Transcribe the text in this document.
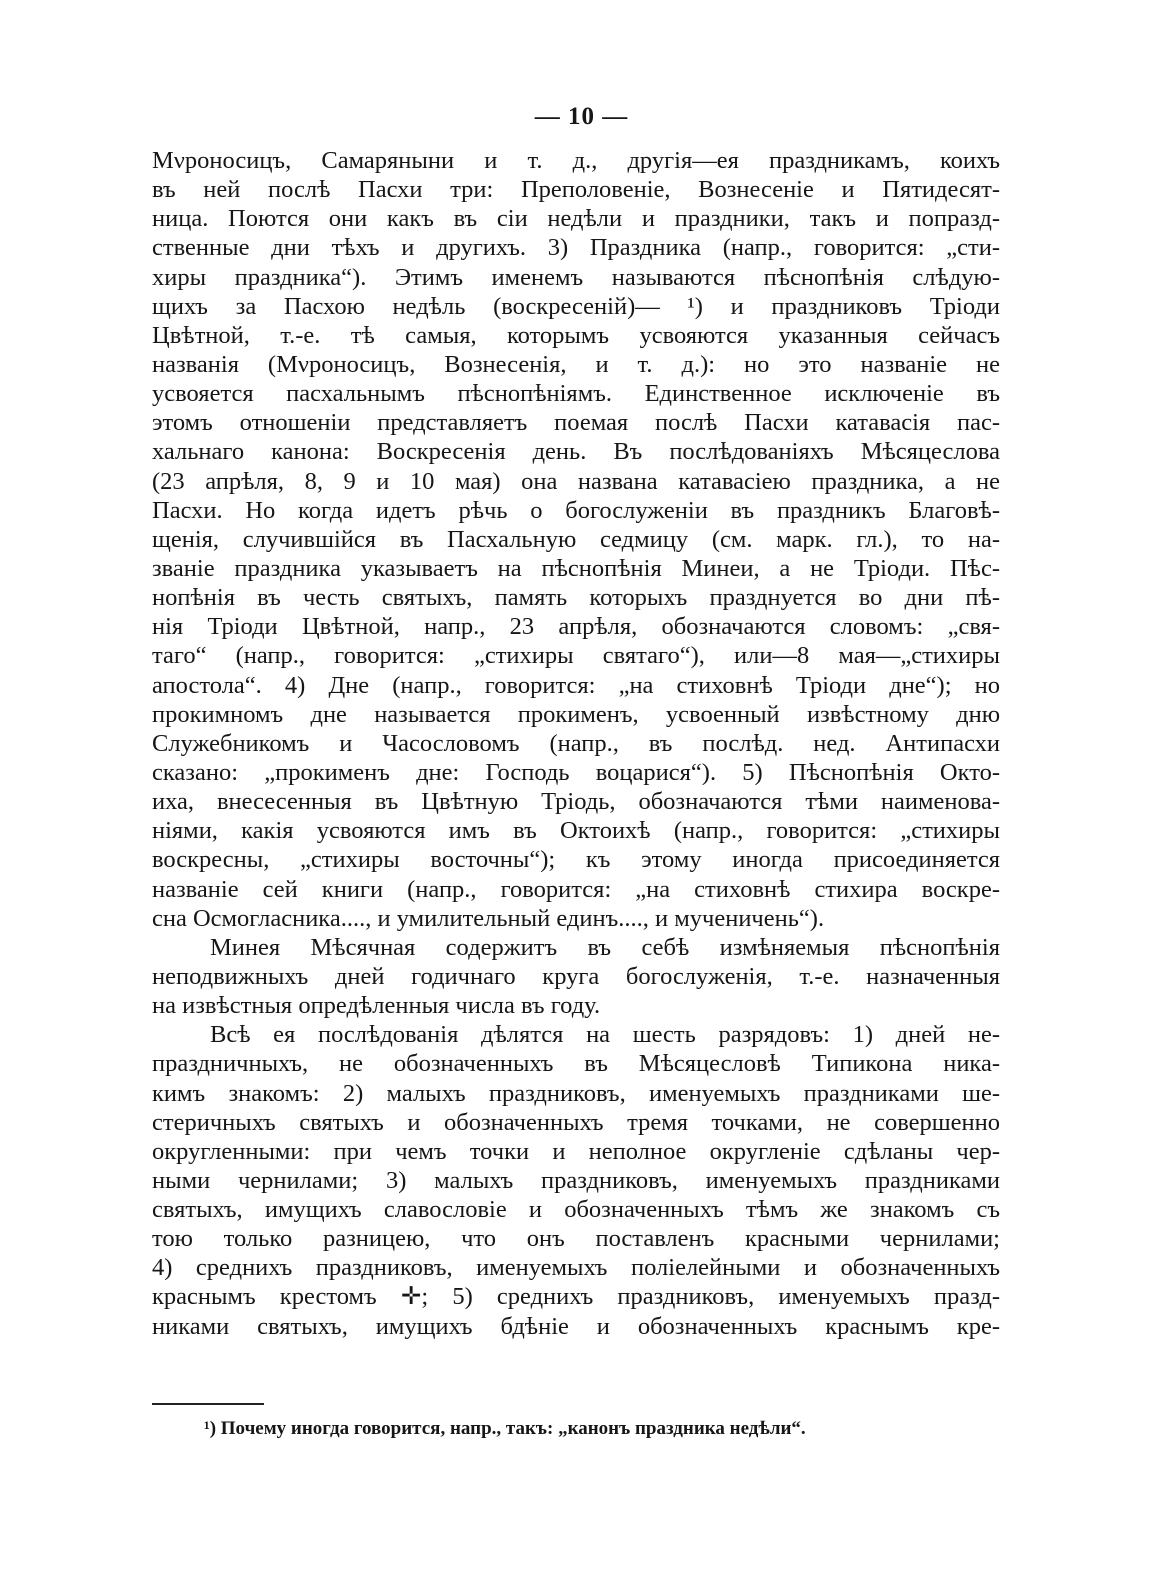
— 10 —
Мνроносицъ, Самаряныни и т. д., другія—ея праздникамъ, коихъ
въ ней послѣ Пасхи три: Преполовеніе, Вознесеніе и Пятидесят-
ница. Поются они какъ въ сіи недѣли и праздники, такъ и попразд-
ственные дни тѣхъ и другихъ. 3) Праздника (напр., говорится: „сти-
хиры праздника“). Этимъ именемъ называются пѣснопѣнія слѣдую-
щихъ за Пасхою недѣль (воскресеній)— ¹) и праздниковъ Тріоди
Цвѣтной, т.-е. тѣ самыя, которымъ усвояются указанныя сейчасъ
названія (Мνроносицъ, Вознесенія, и т. д.): но это названіе не
усвояется пасхальнымъ пѣснопѣніямъ. Единственное исключеніе въ
этомъ отношеніи представляетъ поемая послѣ Пасхи катавасія пас-
хальнаго канона: Воскресенія день. Въ послѣдованіяхъ Мѣсяцеслова
(23 апрѣля, 8, 9 и 10 мая) она названа катавасіею праздника, а не
Пасхи. Но когда идетъ рѣчь о богослуженіи въ праздникъ Благовѣ-
щенія, случившійся въ Пасхальную седмицу (см. марк. гл.), то на-
званіе праздника указываетъ на пѣснопѣнія Минеи, а не Тріоди. Пѣс-
нопѣнія въ честь святыхъ, память которыхъ празднуется во дни пѣ-
нія Тріоди Цвѣтной, напр., 23 апрѣля, обозначаются словомъ: „свя-
таго“ (напр., говорится: „стихиры святаго“), или—8 мая—„стихиры
апостола“. 4) Дне (напр., говорится: „на стиховнѣ Тріоди дне“); но
прокимномъ дне называется прокименъ, усвоенный извѣстному дню
Служебникомъ и Часословомъ (напр., въ послѣд. нед. Антипасхи
сказано: „прокименъ дне: Господь воцарися“). 5) Пѣснопѣнія Окто-
иха, внесесенныя въ Цвѣтную Тріодь, обозначаются тѣми наименова-
ніями, какія усвояются имъ въ Октоихѣ (напр., говорится: „стихиры
воскресны, „стихиры восточны“); къ этому иногда присоединяется
названіе сей книги (напр., говорится: „на стиховнѣ стихира воскре-
сна Осмогласника...., и умилительный единъ...., и мученичень“).
Минея Мѣсячная содержитъ въ себѣ измѣняемыя пѣснопѣнія
неподвижныхъ дней годичнаго круга богослуженія, т.-е. назначенныя
на извѣстныя опредѣленныя числа въ году.
Всѣ ея послѣдованія дѣлятся на шесть разрядовъ: 1) дней не-
праздничныхъ, не обозначенныхъ въ Мѣсяцесловѣ Типикона ника-
кимъ знакомъ: 2) малыхъ праздниковъ, именуемыхъ праздниками ше-
стеричныхъ святыхъ и обозначенныхъ тремя точками, не совершенно
округленными: при чемъ точки и неполное округленіе сдѣланы чер-
ными чернилами; 3) малыхъ праздниковъ, именуемыхъ праздниками
святыхъ, имущихъ славословіе и обозначенныхъ тѣмъ же знакомъ съ
тою только разницею, что онъ поставленъ красными чернилами;
4) среднихъ праздниковъ, именуемыхъ полiелейными и обозначенныхъ
краснымъ крестомъ ✛; 5) среднихъ праздниковъ, именуемыхъ празд-
никами святыхъ, имущихъ бдѣніе и обозначенныхъ краснымъ кре-
¹) Почему иногда говорится, напр., такъ: „канонъ праздника недѣли“.
